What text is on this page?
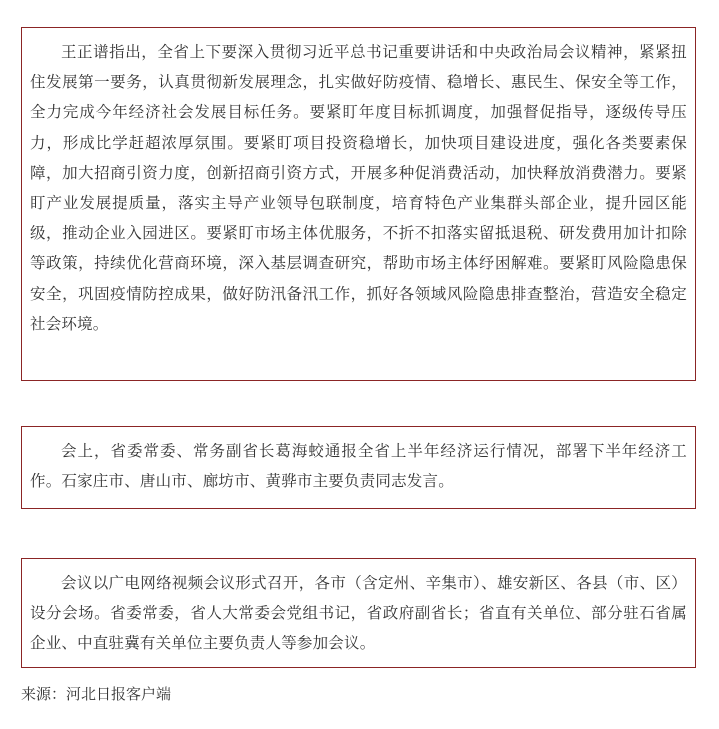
王正谱指出，全省上下要深入贯彻习近平总书记重要讲话和中央政治局会议精神，紧紧扭住发展第一要务，认真贯彻新发展理念，扎实做好防疫情、稳增长、惠民生、保安全等工作，全力完成今年经济社会发展目标任务。要紧盯年度目标抓调度，加强督促指导，逐级传导压力，形成比学赶超浓厚氛围。要紧盯项目投资稳增长，加快项目建设进度，强化各类要素保障，加大招商引资力度，创新招商引资方式，开展多种促消费活动，加快释放消费潜力。要紧盯产业发展提质量，落实主导产业领导包联制度，培育特色产业集群头部企业，提升园区能级，推动企业入园进区。要紧盯市场主体优服务，不折不扣落实留抵退税、研发费用加计扣除等政策，持续优化营商环境，深入基层调查研究，帮助市场主体纾困解难。要紧盯风险隐患保安全，巩固疫情防控成果，做好防汛备汛工作，抓好各领域风险隐患排查整治，营造安全稳定社会环境。

会上，省委常委、常务副省长葛海蛟通报全省上半年经济运行情况，部署下半年经济工作。石家庄市、唐山市、廊坊市、黄骅市主要负责同志发言。

会议以广电网络视频会议形式召开，各市（含定州、辛集市）、雄安新区、各县（市、区）设分会场。省委常委，省人大常委会党组书记，省政府副省长；省直有关单位、部分驻石省属企业、中直驻冀有关单位主要负责人等参加会议。

来源：河北日报客户端
